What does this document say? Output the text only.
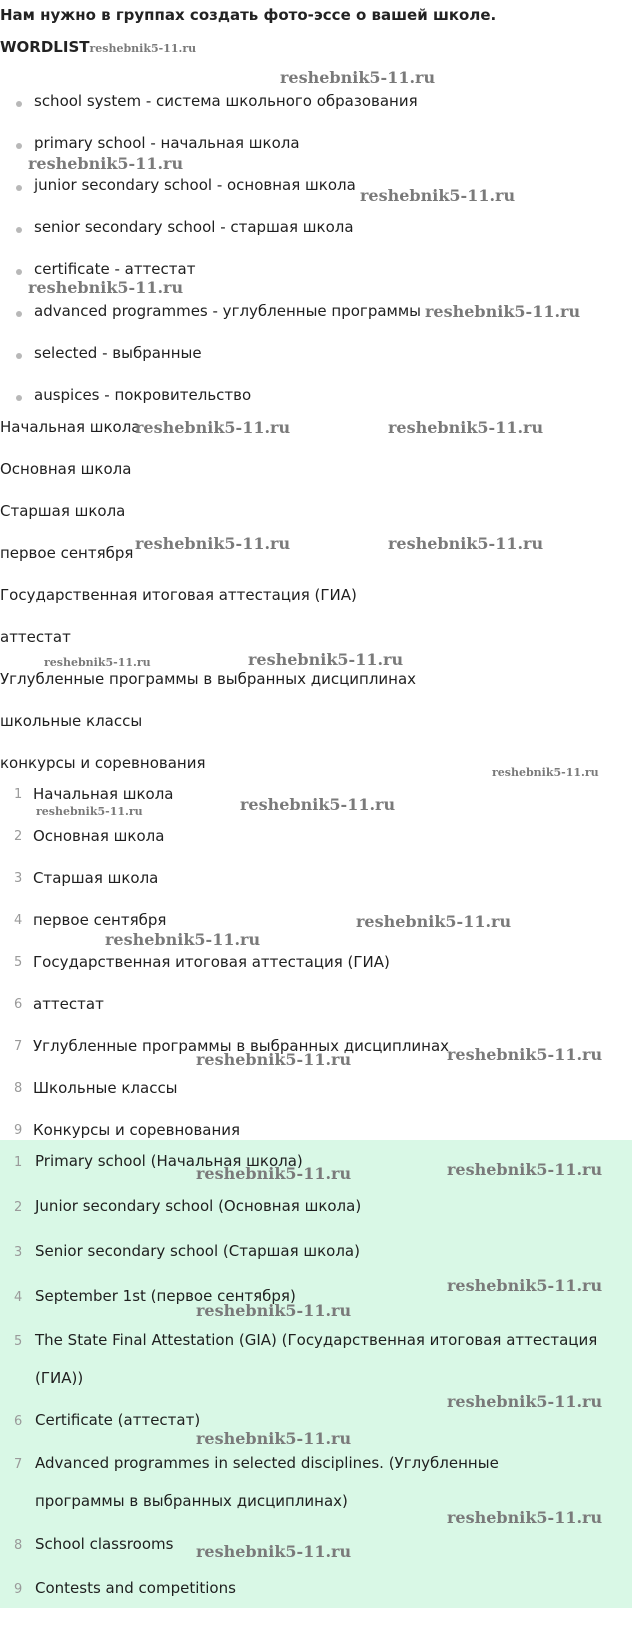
Нам нужно в группах создать фото-эссе о вашей школе.
WORDLISTreshebnik5-11.ru
school system - система школьного образования
primary school - начальная школа
junior secondary school - основная школа
senior secondary school - старшая школа
certificate - аттестат
advanced programmes - углубленные программы
selected - выбранные
auspices - покровительство
Начальная школа
Основная школа
Старшая школа
первое сентября
Государственная итоговая аттестация (ГИА)
аттестат
Углубленные программы в выбранных дисциплинах
школьные классы
конкурсы и соревнования
1 Начальная школа
2 Основная школа
3 Старшая школа
4 первое сентября
5 Государственная итоговая аттестация (ГИА)
6 аттестат
7 Углубленные программы в выбранных дисциплинах
8 Школьные классы
9 Конкурсы и соревнования
1 Primary school (Начальная школа)
2 Junior secondary school (Основная школа)
3 Senior secondary school (Старшая школа)
4 September 1st (первое сентября)
5 The State Final Attestation (GIA) (Государственная итоговая аттестация
(ГИА))
6 Certificate (аттестат)
7 Advanced programmes in selected disciplines. (Углубленные
программы в выбранных дисциплинах)
8 School classrooms
9 Contests and competitions
reshebnik5-11.ru
reshebnik5-11.ru
reshebnik5-11.ru
reshebnik5-11.ru
reshebnik5-11.ru
reshebnik5-11.ru	reshebnik5-11.ru
reshebnik5-11.ru	reshebnik5-11.ru
reshebnik5-11.ru	reshebnik5-11.ru
reshebnik5-11.ru
reshebnik5-11.ru	reshebnik5-11.ru
reshebnik5-11.ru
reshebnik5-11.ru
reshebnik5-11.ru
reshebnik5-11.ru
reshebnik5-11.ru	reshebnik5-11.ru
reshebnik5-11.ru
reshebnik5-11.ru
reshebnik5-11.ru
reshebnik5-11.ru
reshebnik5-11.ru
reshebnik5-11.ru
